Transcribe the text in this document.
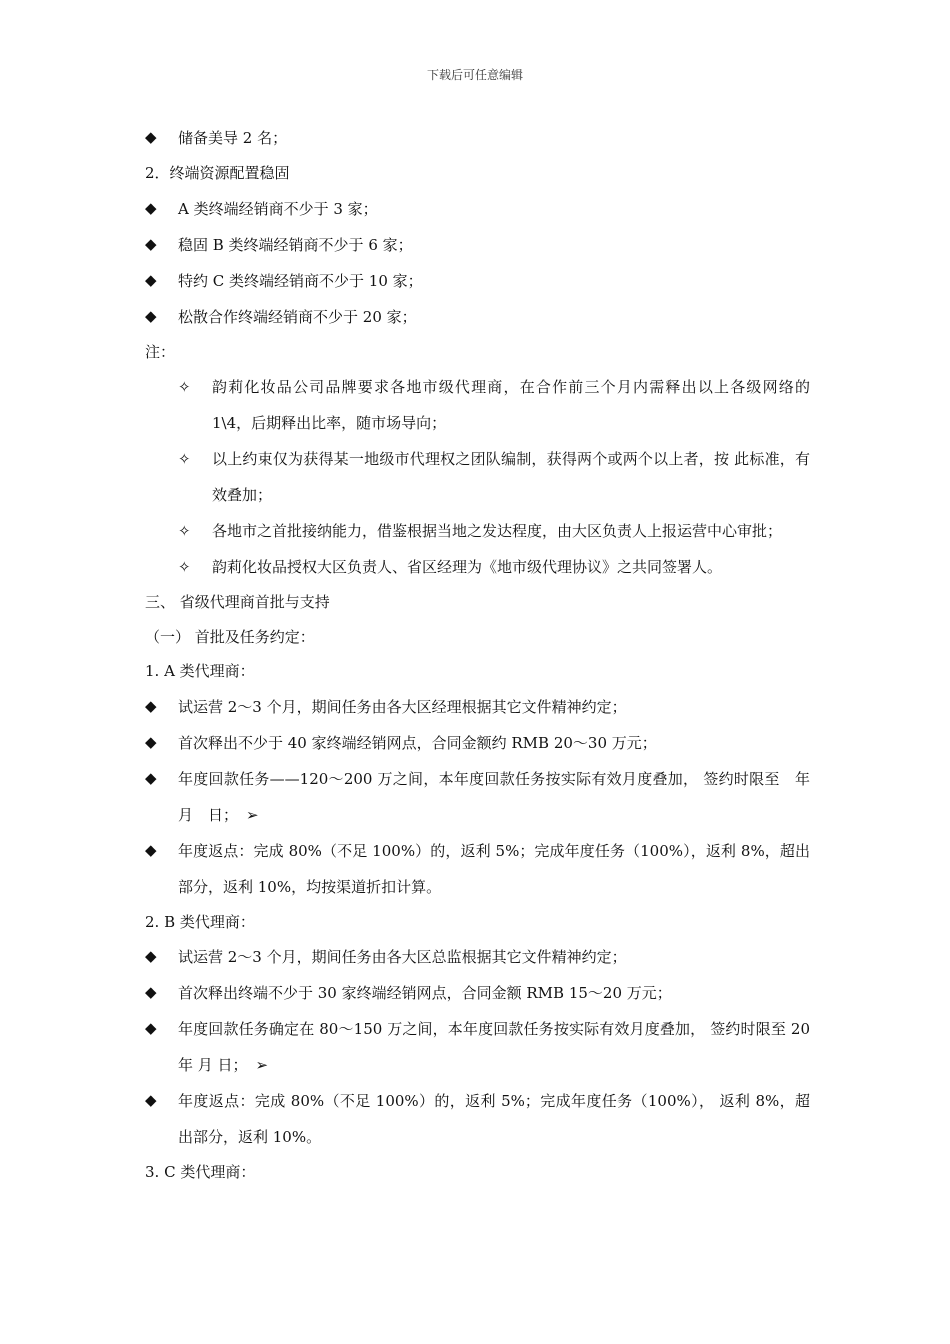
下载后可任意编辑
◆	储备美导 2 名；
2．终端资源配置稳固
◆	A 类终端经销商不少于 3 家；
◆	稳固 B 类终端经销商不少于 6 家；
◆	特约 C 类终端经销商不少于 10 家；
◆	松散合作终端经销商不少于 20 家；
注：
✧	韵莉化妆品公司品牌要求各地市级代理商，在合作前三个月内需释出以上各级网络的 1\4，后期释出比率，随市场导向；
✧	以上约束仅为获得某一地级市代理权之团队编制，获得两个或两个以上者，按 此标准，有效叠加；
✧	各地市之首批接纳能力，借鉴根据当地之发达程度，由大区负责人上报运营中心审批；
✧	韵莉化妆品授权大区负责人、省区经理为《地市级代理协议》之共同签署人。
三、 省级代理商首批与支持
（一） 首批及任务约定：
1. A 类代理商：
◆	试运营 2～3 个月，期间任务由各大区经理根据其它文件精神约定；
◆	首次释出不少于 40 家终端经销网点，合同金额约 RMB 20～30 万元；
◆	年度回款任务——120～200 万之间，本年度回款任务按实际有效月度叠加， 签约时限至　年　月　日； ➢
◆	年度返点：完成 80%（不足 100%）的，返利 5%；完成年度任务（100%），返利 8%，超出部分，返利 10%，均按渠道折扣计算。
2. B 类代理商：
◆	试运营 2～3 个月，期间任务由各大区总监根据其它文件精神约定；
◆	首次释出终端不少于 30 家终端经销网点，合同金额 RMB 15～20 万元；
◆	年度回款任务确定在 80～150 万之间，本年度回款任务按实际有效月度叠加， 签约时限至 20 年 月 日； ➢
◆	年度返点：完成 80%（不足 100%）的，返利 5%；完成年度任务（100%）， 返利 8%，超出部分，返利 10%。
3. C 类代理商：
